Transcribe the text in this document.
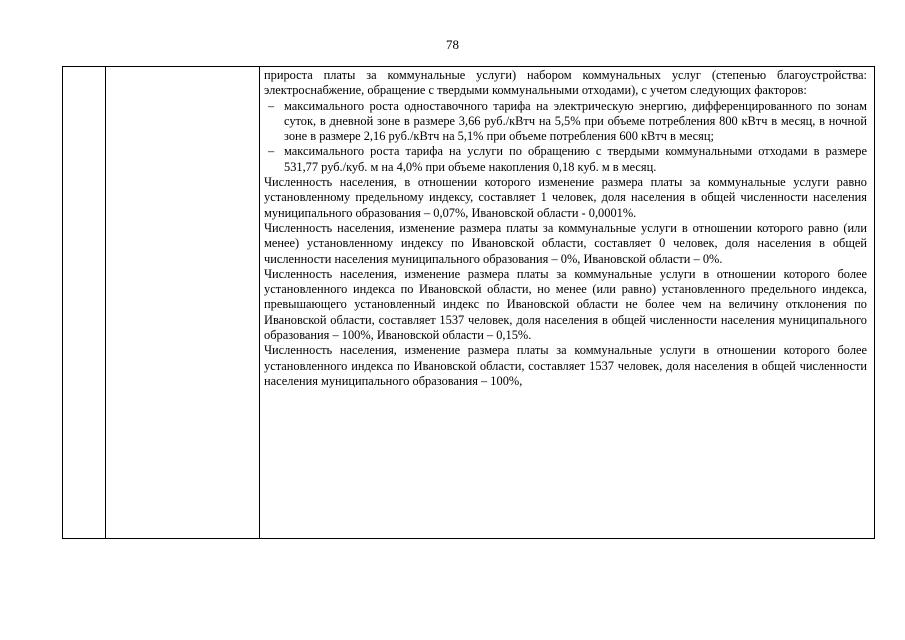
78

прироста платы за коммунальные услуги) набором коммунальных услуг (степенью благоустройства: электроснабжение, обращение с твердыми коммунальными отходами), с учетом следующих факторов:

– максимального роста одноставочного тарифа на электрическую энергию, дифференцированного по зонам суток, в дневной зоне в размере 3,66 руб./кВтч на 5,5% при объеме потребления 800 кВтч в месяц, в ночной зоне в размере 2,16 руб./кВтч на 5,1% при объеме потребления 600 кВтч в месяц;
– максимального роста тарифа на услуги по обращению с твердыми коммунальными отходами в размере 531,77 руб./куб. м на 4,0% при объеме накопления 0,18 куб. м в месяц.

Численность населения, в отношении которого изменение размера платы за коммунальные услуги равно установленному предельному индексу, составляет 1 человек, доля населения в общей численности населения муниципального образования – 0,07%, Ивановской области - 0,0001%.

Численность населения, изменение размера платы за коммунальные услуги в отношении которого равно (или менее) установленному индексу по Ивановской области, составляет 0 человек, доля населения в общей численности населения муниципального образования – 0%, Ивановской области – 0%.

Численность населения, изменение размера платы за коммунальные услуги в отношении которого более установленного индекса по Ивановской области, но менее (или равно) установленного предельного индекса, превышающего установленный индекс по Ивановской области не более чем на величину отклонения по Ивановской области, составляет 1537 человек, доля населения в общей численности населения муниципального образования – 100%, Ивановской области – 0,15%.

Численность населения, изменение размера платы за коммунальные услуги в отношении которого более установленного индекса по Ивановской области, составляет 1537 человек, доля населения в общей численности населения муниципального образования – 100%,
